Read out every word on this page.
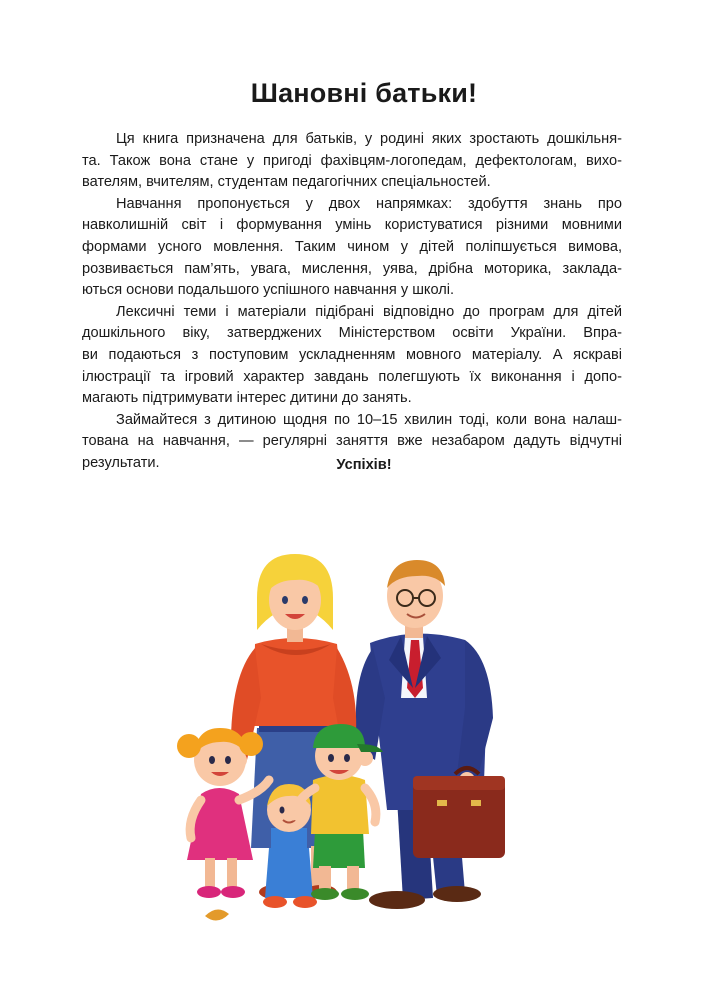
Шановні батьки!

Ця книга призначена для батьків, у родині яких зростають дошкільня-
та. Також вона стане у пригоді фахівцям-логопедам, дефектологам, вихо-
вателям, вчителям, студентам педагогічних спеціальностей.

Навчання пропонується у двох напрямках: здобуття знань про
навколишній світ і формування умінь користуватися різними мовними
формами усного мовлення. Таким чином у дітей поліпшується вимова,
розвивається пам’ять, увага, мислення, уява, дрібна моторика, заклада-
ються основи подальшого успішного навчання у школі.

Лексичні теми і матеріали підібрані відповідно до програм для дітей
дошкільного віку, затверджених Міністерством освіти України. Впра-
ви подаються з поступовим ускладненням мовного матеріалу. А яскраві
ілюстрації та ігровий характер завдань полегшують їх виконання і допо-
магають підтримувати інтерес дитини до занять.

Займайтеся з дитиною щодня по 10–15 хвилин тоді, коли вона налаш-
тована на навчання, — регулярні заняття вже незабаром дадуть відчутні
результати.	Успіхів!
